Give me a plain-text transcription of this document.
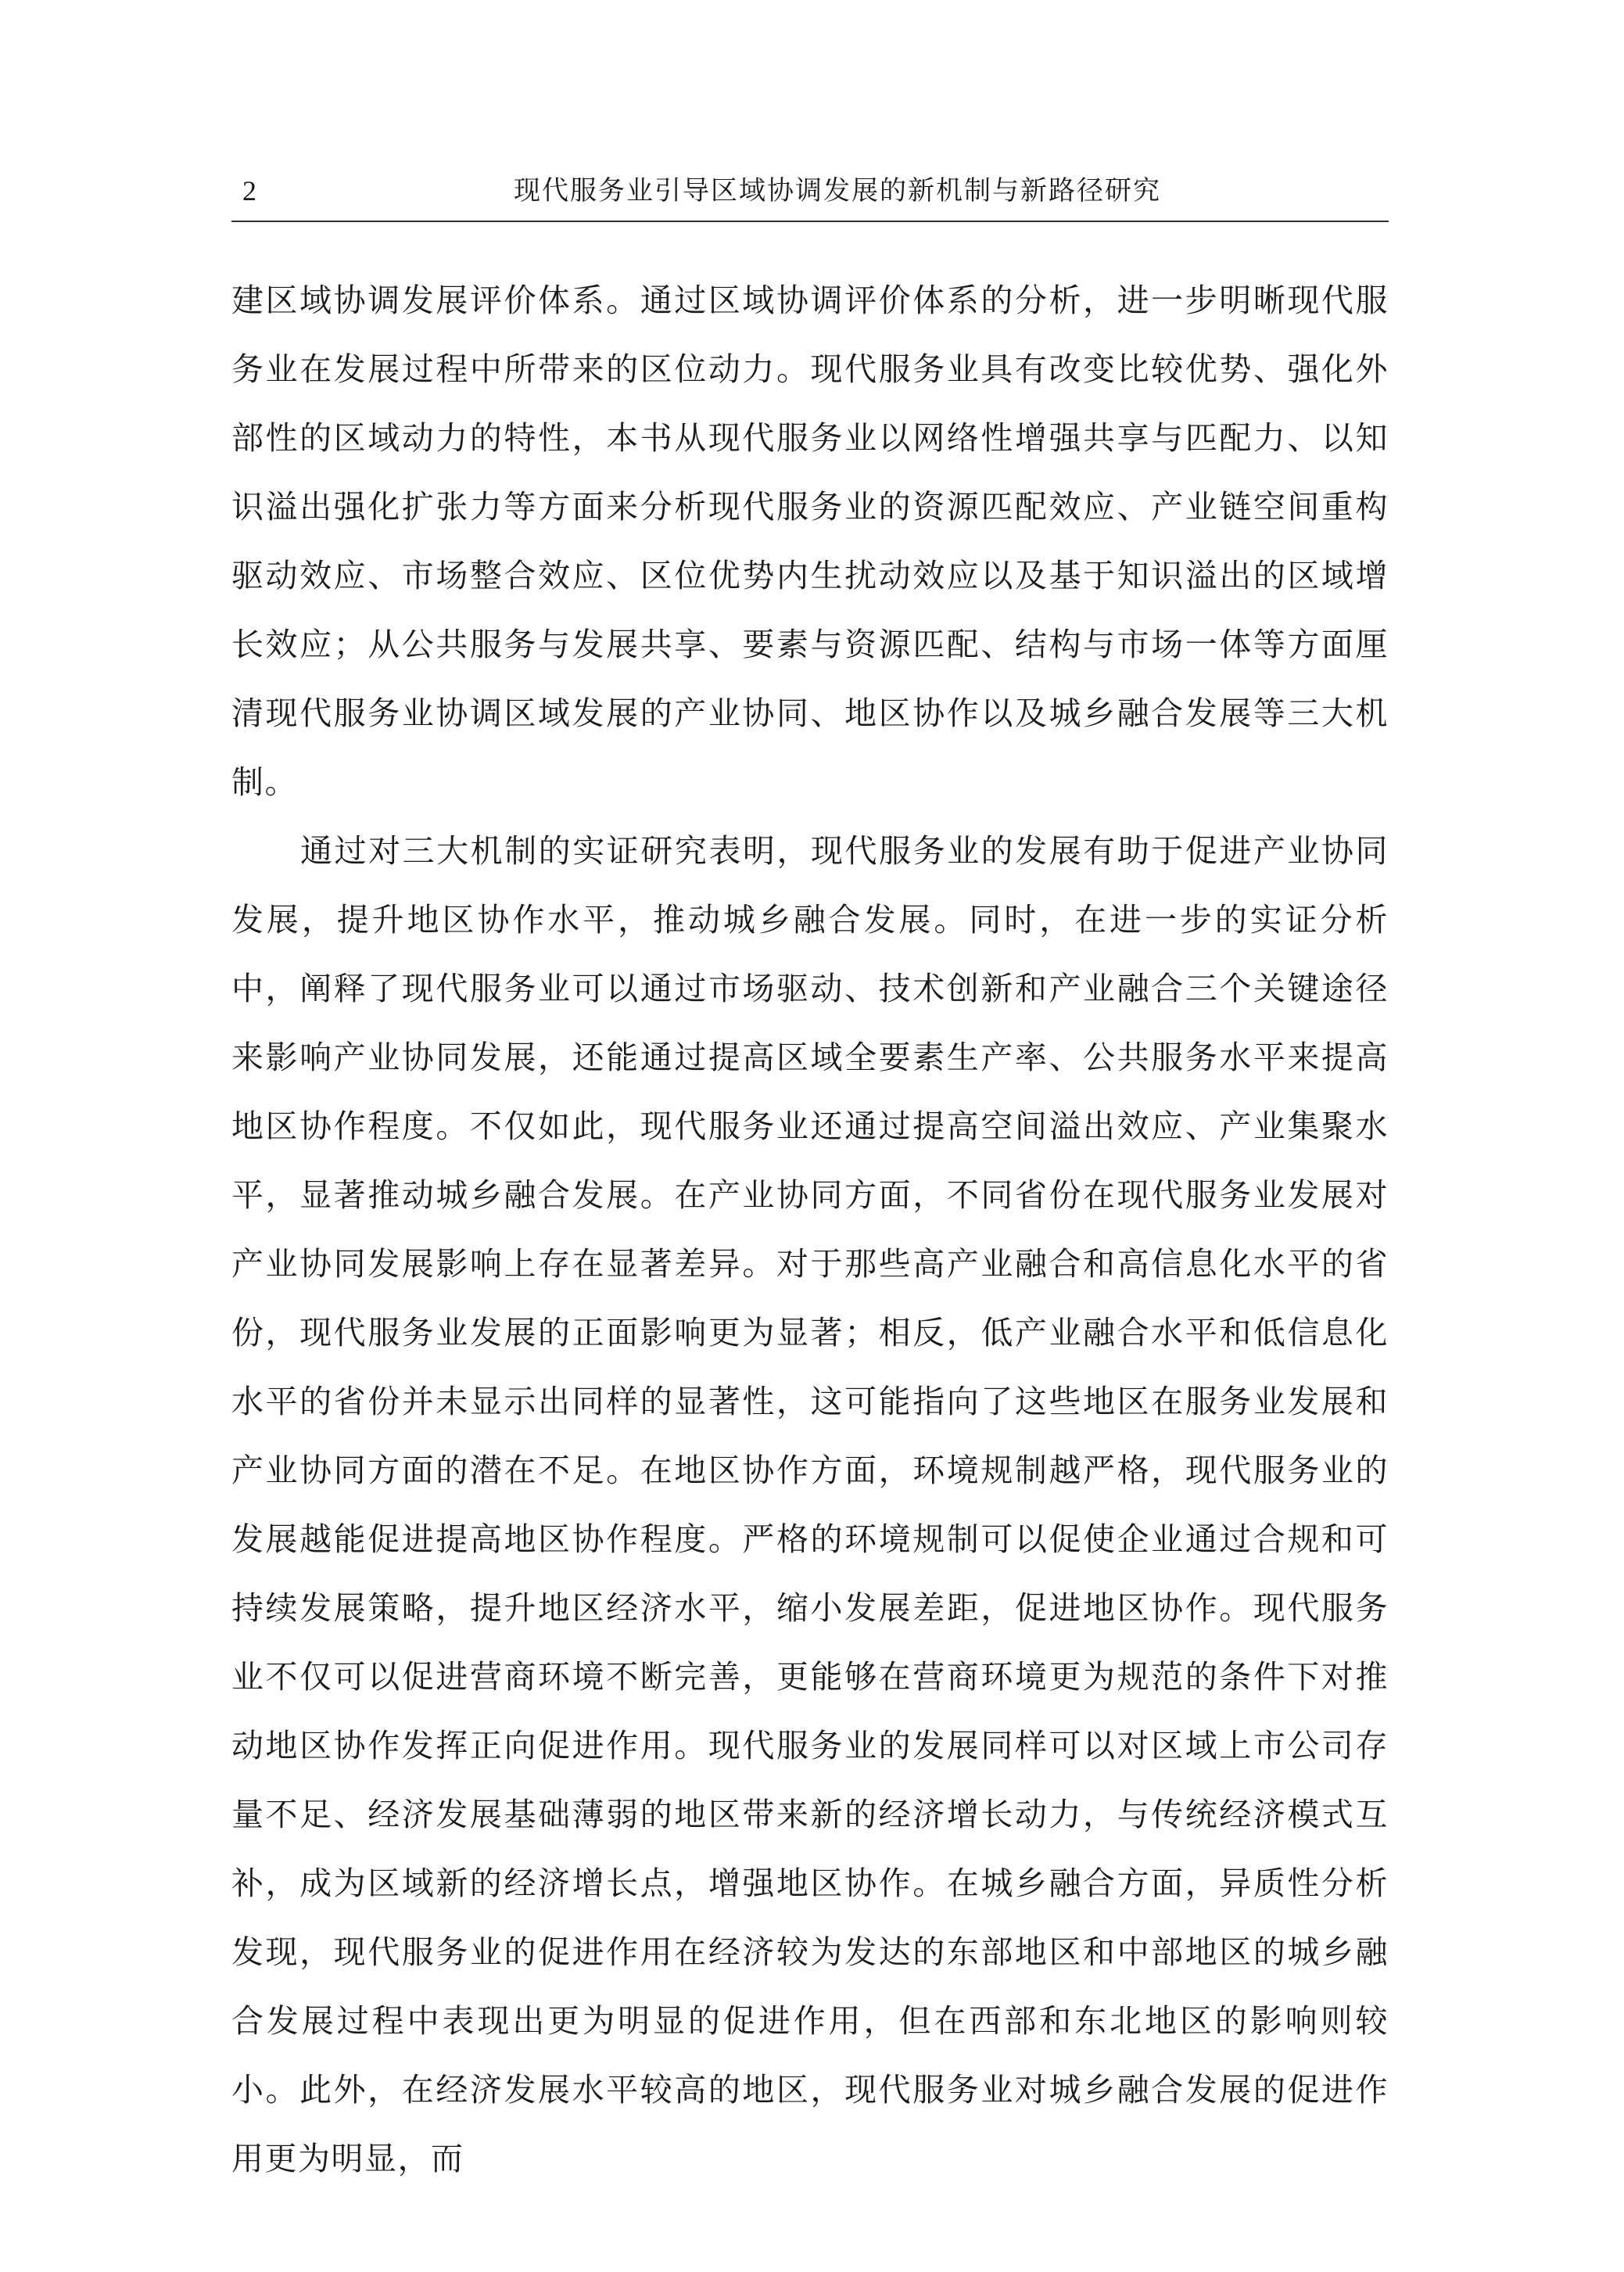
2	现代服务业引导区域协调发展的新机制与新路径研究

建区域协调发展评价体系。通过区域协调评价体系的分析，进一步明晰现代服务业在发展过程中所带来的区位动力。现代服务业具有改变比较优势、强化外部性的区域动力的特性，本书从现代服务业以网络性增强共享与匹配力、以知识溢出强化扩张力等方面来分析现代服务业的资源匹配效应、产业链空间重构驱动效应、市场整合效应、区位优势内生扰动效应以及基于知识溢出的区域增长效应；从公共服务与发展共享、要素与资源匹配、结构与市场一体等方面厘清现代服务业协调区域发展的产业协同、地区协作以及城乡融合发展等三大机制。

通过对三大机制的实证研究表明，现代服务业的发展有助于促进产业协同发展，提升地区协作水平，推动城乡融合发展。同时，在进一步的实证分析中，阐释了现代服务业可以通过市场驱动、技术创新和产业融合三个关键途径来影响产业协同发展，还能通过提高区域全要素生产率、公共服务水平来提高地区协作程度。不仅如此，现代服务业还通过提高空间溢出效应、产业集聚水平，显著推动城乡融合发展。在产业协同方面，不同省份在现代服务业发展对产业协同发展影响上存在显著差异。对于那些高产业融合和高信息化水平的省份，现代服务业发展的正面影响更为显著；相反，低产业融合水平和低信息化水平的省份并未显示出同样的显著性，这可能指向了这些地区在服务业发展和产业协同方面的潜在不足。在地区协作方面，环境规制越严格，现代服务业的发展越能促进提高地区协作程度。严格的环境规制可以促使企业通过合规和可持续发展策略，提升地区经济水平，缩小发展差距，促进地区协作。现代服务业不仅可以促进营商环境不断完善，更能够在营商环境更为规范的条件下对推动地区协作发挥正向促进作用。现代服务业的发展同样可以对区域上市公司存量不足、经济发展基础薄弱的地区带来新的经济增长动力，与传统经济模式互补，成为区域新的经济增长点，增强地区协作。在城乡融合方面，异质性分析发现，现代服务业的促进作用在经济较为发达的东部地区和中部地区的城乡融合发展过程中表现出更为明显的促进作用，但在西部和东北地区的影响则较小。此外，在经济发展水平较高的地区，现代服务业对城乡融合发展的促进作用更为明显，而
